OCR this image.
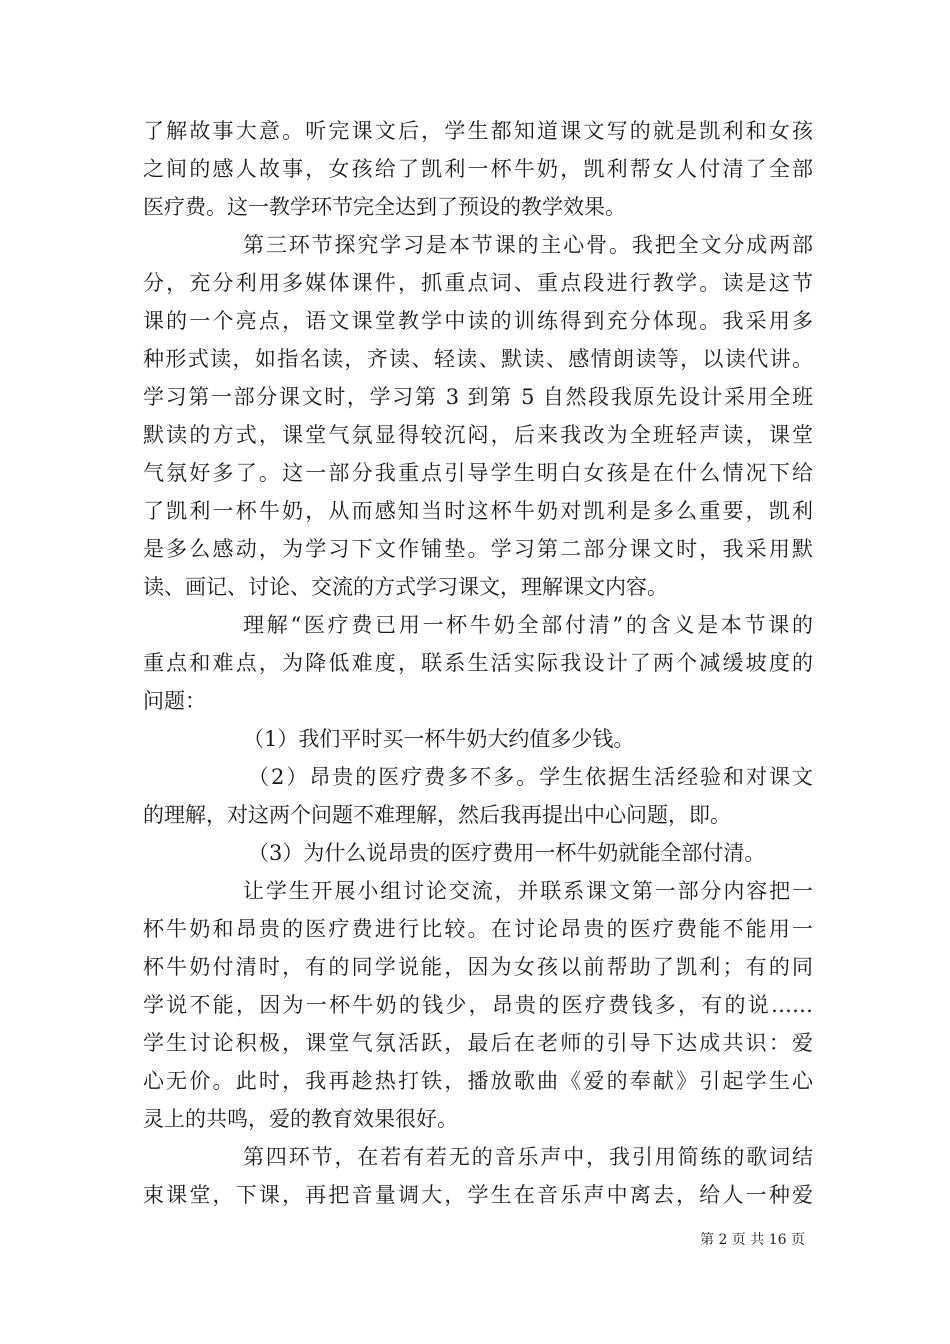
了解故事大意。听完课文后，学生都知道课文写的就是凯利和女孩
之间的感人故事，女孩给了凯利一杯牛奶，凯利帮女人付清了全部
医疗费。这一教学环节完全达到了预设的教学效果。
第三环节探究学习是本节课的主心骨。我把全文分成两部
分，充分利用多媒体课件，抓重点词、重点段进行教学。读是这节
课的一个亮点，语文课堂教学中读的训练得到充分体现。我采用多
种形式读，如指名读，齐读、轻读、默读、感情朗读等，以读代讲。
学习第一部分课文时，学习第 3 到第 5 自然段我原先设计采用全班
默读的方式，课堂气氛显得较沉闷，后来我改为全班轻声读，课堂
气氛好多了。这一部分我重点引导学生明白女孩是在什么情况下给
了凯利一杯牛奶，从而感知当时这杯牛奶对凯利是多么重要，凯利
是多么感动，为学习下文作铺垫。学习第二部分课文时，我采用默
读、画记、讨论、交流的方式学习课文，理解课文内容。
理解“医疗费已用一杯牛奶全部付清”的含义是本节课的
重点和难点，为降低难度，联系生活实际我设计了两个减缓坡度的
问题：
（1）我们平时买一杯牛奶大约值多少钱。
（2）昂贵的医疗费多不多。学生依据生活经验和对课文
的理解，对这两个问题不难理解，然后我再提出中心问题，即。
（3）为什么说昂贵的医疗费用一杯牛奶就能全部付清。
让学生开展小组讨论交流，并联系课文第一部分内容把一
杯牛奶和昂贵的医疗费进行比较。在讨论昂贵的医疗费能不能用一
杯牛奶付清时，有的同学说能，因为女孩以前帮助了凯利；有的同
学说不能，因为一杯牛奶的钱少，昂贵的医疗费钱多，有的说……
学生讨论积极，课堂气氛活跃，最后在老师的引导下达成共识：爱
心无价。此时，我再趁热打铁，播放歌曲《爱的奉献》引起学生心
灵上的共鸣，爱的教育效果很好。
第四环节，在若有若无的音乐声中，我引用简练的歌词结
束课堂，下课，再把音量调大，学生在音乐声中离去，给人一种爱
第 2 页 共 16 页
